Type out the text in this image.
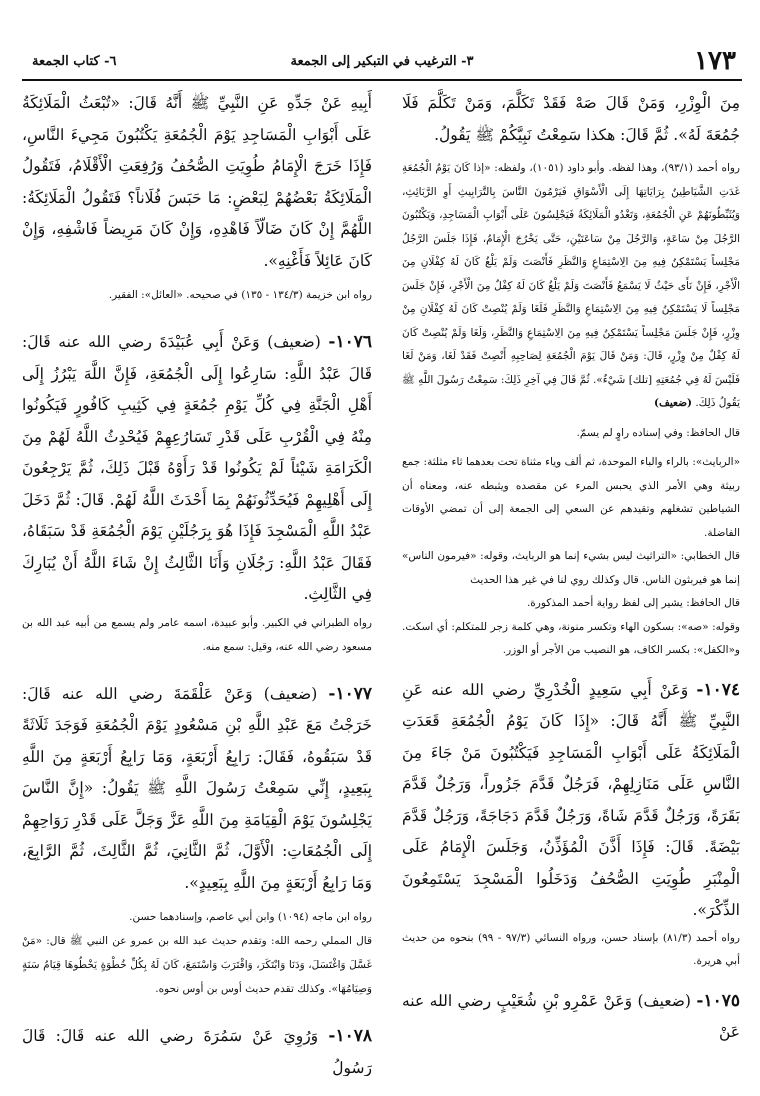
١٧٣
٣- الترغيب في التبكير إلى الجمعة
٦- كتاب الجمعة

مِنَ الْوِزْرِ، وَمَنْ قَالَ صَهْ فَقَدْ تَكَلَّمَ، وَمَنْ تَكَلَّمَ فَلَا جُمُعَةَ لَهُ». ثُمَّ قَالَ: هكذا سَمِعْتُ نَبِيَّكُمْ ﷺ يَقُولُ.

رواه أحمد (٩٣/١)، وهذا لفظه. وأبو داود (١٠٥١)، ولفظه: «إذا كَانَ يَوْمُ الْجُمُعَةِ غَدَتِ الشَّيَاطِينُ بِرَايَاتِهَا إِلَى الْأَسْوَاقِ فَيَرْمُونَ النَّاسَ بِالتَّرَابِيثِ أَوِ الرَّبَائِثِ، وَيُثَبِّطُونَهُمْ عَنِ الْجُمُعَةِ، وَتَغْدُو الْمَلَائِكَةُ فَيَجْلِسُونَ عَلَى أَبْوَابِ الْمَسَاجِدِ، وَيَكْتُبُونَ الرَّجُلَ مِنْ سَاعَةٍ، وَالرَّجُلَ مِنْ سَاعَتَيْنِ، حَتَّى يَخْرُجَ الْإِمَامُ، فَإِذَا جَلَسَ الرَّجُلُ مَجْلِساً يَسْتَمْكِنُ فِيهِ مِنَ الِاسْتِمَاعِ وَالنَّظَرِ فَأَنْصَتَ وَلَمْ يَلْغُ كَانَ لَهُ كِفْلَانِ مِنَ الْأَجْرِ، فَإِنْ نَأَى حَيْثُ لَا يَسْمَعُ فَأَنْصَتَ وَلَمْ يَلْغُ كَانَ لَهُ كِفْلٌ مِنَ الْأَجْرِ، فَإِنْ جَلَسَ مَجْلِساً لَا يَسْتَمْكِنُ فِيهِ مِنَ الِاسْتِمَاعِ وَالنَّظَرِ فَلَغَا وَلَمْ يُنْصِتْ كَانَ لَهُ كِفْلَانِ مِنْ وِزْرٍ، فَإِنْ جَلَسَ مَجْلِساً يَسْتَمْكِنُ فِيهِ مِنَ الِاسْتِمَاعِ وَالنَّظَرِ، وَلَغَا وَلَمْ يُنْصِتْ كَانَ لَهُ كِفْلٌ مِنْ وِزْرٍ، قَالَ: وَمَنْ قَالَ يَوْمَ الْجُمُعَةِ لِصَاحِبِهِ أَنْصِتْ فَقَدْ لَغَا، وَمَنْ لَغَا فَلَيْسَ لَهُ فِي جُمُعَتِهِ [تلك] شَيْءٌ». ثُمَّ قَالَ فِي آخِرِ ذَلِكَ: سَمِعْتُ رَسُولَ اللَّهِ ﷺ يَقُولُ ذَلِكَ. (ضعيف)

قال الحافظ: وفي إسناده راوٍ لم يسمّ.

«الربايث»: بالراء والباء الموحدة، ثم ألف وياء مثناة تحت بعدهما ثاء مثلثة: جمع ربيثة وهي الأمر الذي يحبس المرء عن مقصده ويثبطه عنه، ومعناه أن الشياطين تشغلهم وتقيدهم عن السعي إلى الجمعة إلى أن تمضي الأوقات الفاضلة.

قال الخطابي: «التراثيث ليس بشيء إنما هو الربايث، وقوله: «فيرمون الناس» إنما هو فيربثون الناس. قال وكذلك روي لنا في غير هذا الحديث

قال الحافظ: يشير إلى لفظ رواية أحمد المذكورة.

وقوله: «صه»: بسكون الهاء وتكسر منونة، وهي كلمة زجر للمتكلم: أي اسكت. و«الكفل»: بكسر الكاف، هو النصيب من الأجر أو الوزر.

١٠٧٤- وَعَنْ أَبِي سَعِيدٍ الْخُدْرِيِّ رضي الله عنه عَنِ النَّبِيِّ ﷺ أَنَّهُ قَالَ: «إِذَا كَانَ يَوْمُ الْجُمُعَةِ قَعَدَتِ الْمَلَائِكَةُ عَلَى أَبْوَابِ الْمَسَاجِدِ فَيَكْتُبُونَ مَنْ جَاءَ مِنَ النَّاسِ عَلَى مَنَازِلِهِمْ، فَرَجُلٌ قَدَّمَ جَزُوراً، وَرَجُلٌ قَدَّمَ بَقَرَةً، وَرَجُلٌ قَدَّمَ شَاةً، وَرَجُلٌ قَدَّمَ دَجَاجَةً، وَرَجُلٌ قَدَّمَ بَيْضَةً. قَالَ: فَإِذَا أَذَّنَ الْمُؤَذِّنُ، وَجَلَسَ الْإِمَامُ عَلَى الْمِنْبَرِ طُوِيَتِ الصُّحُفُ وَدَخَلُوا الْمَسْجِدَ يَسْتَمِعُونَ الذِّكْرَ».

رواه أحمد (٨١/٣) بإسناد حسن، ورواه النسائي (٩٧/٣ - ٩٩) بنحوه من حديث أبي هريرة.

١٠٧٥- (ضعيف) وَعَنْ عَمْرِو بْنِ شُعَيْبٍ رضي الله عنه عَنْ

أَبِيهِ عَنْ جَدِّهِ عَنِ النَّبِيِّ ﷺ أَنَّهُ قَالَ: «تُبْعَثُ الْمَلَائِكَةُ عَلَى أَبْوَابِ الْمَسَاجِدِ يَوْمَ الْجُمُعَةِ يَكْتُبُونَ مَجِيءَ النَّاسِ، فَإِذَا خَرَجَ الْإِمَامُ طُوِيَتِ الصُّحُفُ وَرُفِعَتِ الْأَقْلَامُ، فَتَقُولُ الْمَلَائِكَةُ بَعْضُهُمْ لِبَعْضٍ: مَا حَبَسَ فُلَاناً؟ فَتَقُولُ الْمَلَائِكَةُ: اللَّهُمَّ إِنْ كَانَ ضَالّاً فَاهْدِهِ، وَإِنْ كَانَ مَرِيضاً فَاشْفِهِ، وَإِنْ كَانَ عَائِلاً فَأَغْنِهِ».

رواه ابن خزيمة (١٣٤/٣ - ١٣٥) في صحيحه. «العائل»: الفقير.

١٠٧٦- (ضعيف) وَعَنْ أَبِي عُبَيْدَةَ رضي الله عنه قَالَ: قَالَ عَبْدُ اللَّهِ: سَارِعُوا إِلَى الْجُمُعَةِ، فَإِنَّ اللَّهَ يَبْرُزُ إِلَى أَهْلِ الْجَنَّةِ فِي كُلِّ يَوْمِ جُمُعَةٍ فِي كَثِيبِ كَافُورٍ فَيَكُونُوا مِنْهُ فِي الْقُرْبِ عَلَى قَدْرِ تَسَارُعِهِمْ فَيُحْدِثُ اللَّهُ لَهُمْ مِنَ الْكَرَامَةِ شَيْئاً لَمْ يَكُونُوا قَدْ رَأَوْهُ قَبْلَ ذَلِكَ، ثُمَّ يَرْجِعُونَ إِلَى أَهْلِيهِمْ فَيُحَدِّثُونَهُمْ بِمَا أَحْدَثَ اللَّهُ لَهُمْ. قَالَ: ثُمَّ دَخَلَ عَبْدُ اللَّهِ الْمَسْجِدَ فَإِذَا هُوَ بِرَجُلَيْنِ يَوْمَ الْجُمُعَةِ قَدْ سَبَقَاهُ، فَقَالَ عَبْدُ اللَّهِ: رَجُلَانِ وَأَنَا الثَّالِثُ إِنْ شَاءَ اللَّهُ أَنْ يُبَارِكَ فِي الثَّالِثِ.

رواه الطبراني في الكبير. وأبو عبيدة، اسمه عامر ولم يسمع من أبيه عبد الله بن مسعود رضي الله عنه، وقيل: سمع منه.

١٠٧٧- (ضعيف) وَعَنْ عَلْقَمَةَ رضي الله عنه قَالَ: خَرَجْتُ مَعَ عَبْدِ اللَّهِ بْنِ مَسْعُودٍ يَوْمَ الْجُمُعَةِ فَوَجَدَ ثَلَاثَةً قَدْ سَبَقُوهُ، فَقَالَ: رَابِعُ أَرْبَعَةٍ، وَمَا رَابِعُ أَرْبَعَةٍ مِنَ اللَّهِ بِبَعِيدٍ، إِنِّي سَمِعْتُ رَسُولَ اللَّهِ ﷺ يَقُولُ: «إِنَّ النَّاسَ يَجْلِسُونَ يَوْمَ الْقِيَامَةِ مِنَ اللَّهِ عَزَّ وَجَلَّ عَلَى قَدْرِ رَوَاحِهِمْ إِلَى الْجُمُعَاتِ: الْأَوَّلَ، ثُمَّ الثَّانِيَ، ثُمَّ الثَّالِثَ، ثُمَّ الرَّابِعَ، وَمَا رَابِعُ أَرْبَعَةٍ مِنَ اللَّهِ بِبَعِيدٍ».

رواه ابن ماجه (١٠٩٤) وابن أبي عاصم، وإسنادهما حسن.

قال المملي رحمه الله: وتقدم حديث عبد الله بن عمرو عن النبي ﷺ قال: «مَنْ غَسَّلَ وَاغْتَسَلَ، وَدَنَا وَابْتَكَرَ، وَاقْتَرَبَ وَاسْتَمَعَ، كَانَ لَهُ بِكُلِّ خُطْوَةٍ يَخْطُوهَا قِيَامُ سَنَةٍ وَصِيَامُهَا». وكذلك تقدم حديث أوس بن أوس نحوه.

١٠٧٨- وَرُوِيَ عَنْ سَمُرَةَ رضي الله عنه قَالَ: قَالَ رَسُولُ
